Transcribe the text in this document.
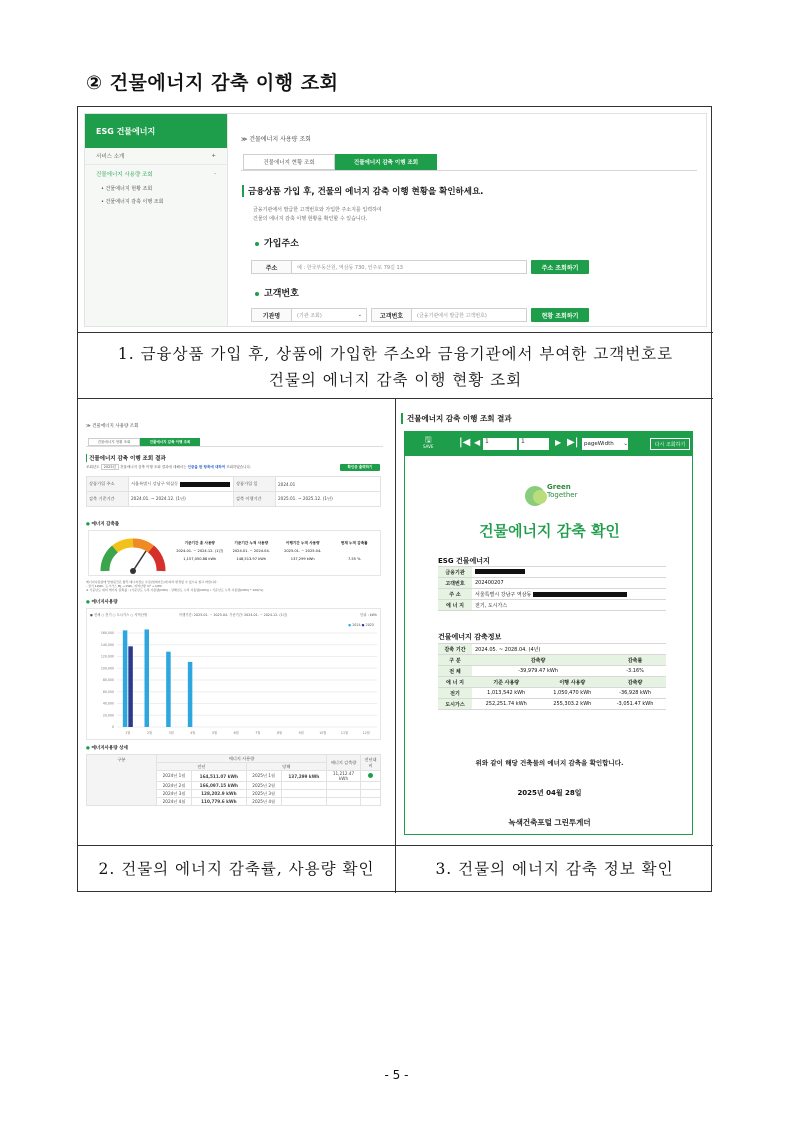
② 건물에너지 감축 이행 조회
ESG 건물에너지
서비스 소개	+
건물에너지 사용량 조회	-
• 건물에너지 현황 조회
• 건물에너지 감축 이행 조회
≫ 건물에너지 사용량 조회
건물에너지 현황 조회	건물에너지 감축 이행 조회
금융상품 가입 후, 건물의 에너지 감축 이행 현황을 확인하세요.
금융기관에서 발급한 고객번호와 가입한 주소지를 입력하여
건물의 에너지 감축 이행 현황을 확인할 수 있습니다.
가입주소
주소	예 : 한국부동산원, 역삼동 730, 언주로 79길 13	주소 조회하기
고객번호
기관명	(기관 조회)	⌄	고객번호	(금융기관에서 발급한 고객번호)	현황 조회하기
1. 금융상품 가입 후, 상품에 가입한 주소와 금융기관에서 부여한 고객번호로
건물의 에너지 감축 이행 현황 조회
≫ 건물에너지 사용량 조회
건물에너지 현황 조회	건물에너지 감축 이행 조회
건물에너지 감축 이행 조회 결과
조회년도 2025년 건물에너지 감축 이행 조회 결과에 대해서는 인증을 한 항목에 대하여 조회하였습니다.	확인증 출력하기
상품가입 주소	서울특별시 강남구 역삼동	상품가입 일	2024.01
감축 기준기간	2024.01. ~ 2024.12. (1년)	감축 이행기간	2025.01. ~ 2025.12. (1년)
● 에너지 감축률
기준기간 총 사용량	기준기간 누적 사용량	이행기간 누적 사용량	현재 누적 감축률
2024.01. ~ 2024.12. (1년)	2024.01. ~ 2024.04.	2025.01. ~ 2025.04.
1,157,050.88 kWh	148,513.97 kWh	137,299 kWh	7.55 %
에너지사용량에 반영된건은 향후 에너지정보 수집(업데이트)에 따라 변경될 수 있으니 참고 바랍니다.
- 전기 1kWh, 도시가스 MJ → kWh, 지역난방 m³ → kWh
※ 기준년도 대비 에너지 감축률 : (기준년도 누적 사용량(kWh) - 당해년도 누적 사용량(kWh)) / 기준년도 누적 사용량(kWh) * 100(%)
● 에너지사용량
● 전체 ○ 전기 ○ 도시가스 ○ 지역난방	이행기간: 2025.01. ~ 2025.04. 기준기간: 2024.01. ~ 2024.12. (1년)	단위 : kWh
● 2024 ● 2025
160,000
140,000
120,000
100,000
80,000
60,000
40,000
20,000
0
1월	2월	3월	4월	5월	6월	7월	8월	9월	10월	11월	12월
● 에너지사용량 상세
구분	에너지 사용량				에너지 감축량	전년대비
	전년		당해			
	2024년 1월	164,511.07 kWh	2025년 1월	137,299 kWh	11,212.47 kWh	
	2024년 2월	166,097.15 kWh	2025년 2월			
	2024년 3월	128,202.9 kWh	2025년 3월			
	2024년 4월	110,779.6 kWh	2025년 4월			
건물에너지 감축 이행 조회 결과
🖫
SAVE	|◀ ◀ 1	1	▶ ▶| pageWidth ⌄	다시 조회하기
Green
Together
건물에너지 감축 확인
ESG 건물에너지
금융기관	
고객번호	202400207
주 소	서울특별시 강남구 역삼동
에 너 지	전기, 도시가스
건물에너지 감축정보
감축 기간	2024.05. ~ 2028.04. (4년)		
구 분	감축량		감축률
전 체	-39,979.47 kWh		-3.16%
에 너 지	기준 사용량	이행 사용량	감축량
전기	1,013,542 kWh	1,050,470 kWh	-36,928 kWh
도시가스	252,251.74 kWh	255,303.2 kWh	-3,051.47 kWh
위와 같이 해당 건축물의 에너지 감축을 확인합니다.
2025년 04월 28일
녹색건축포털 그린투게더
2. 건물의 에너지 감축률, 사용량 확인	3. 건물의 에너지 감축 정보 확인
- 5 -
